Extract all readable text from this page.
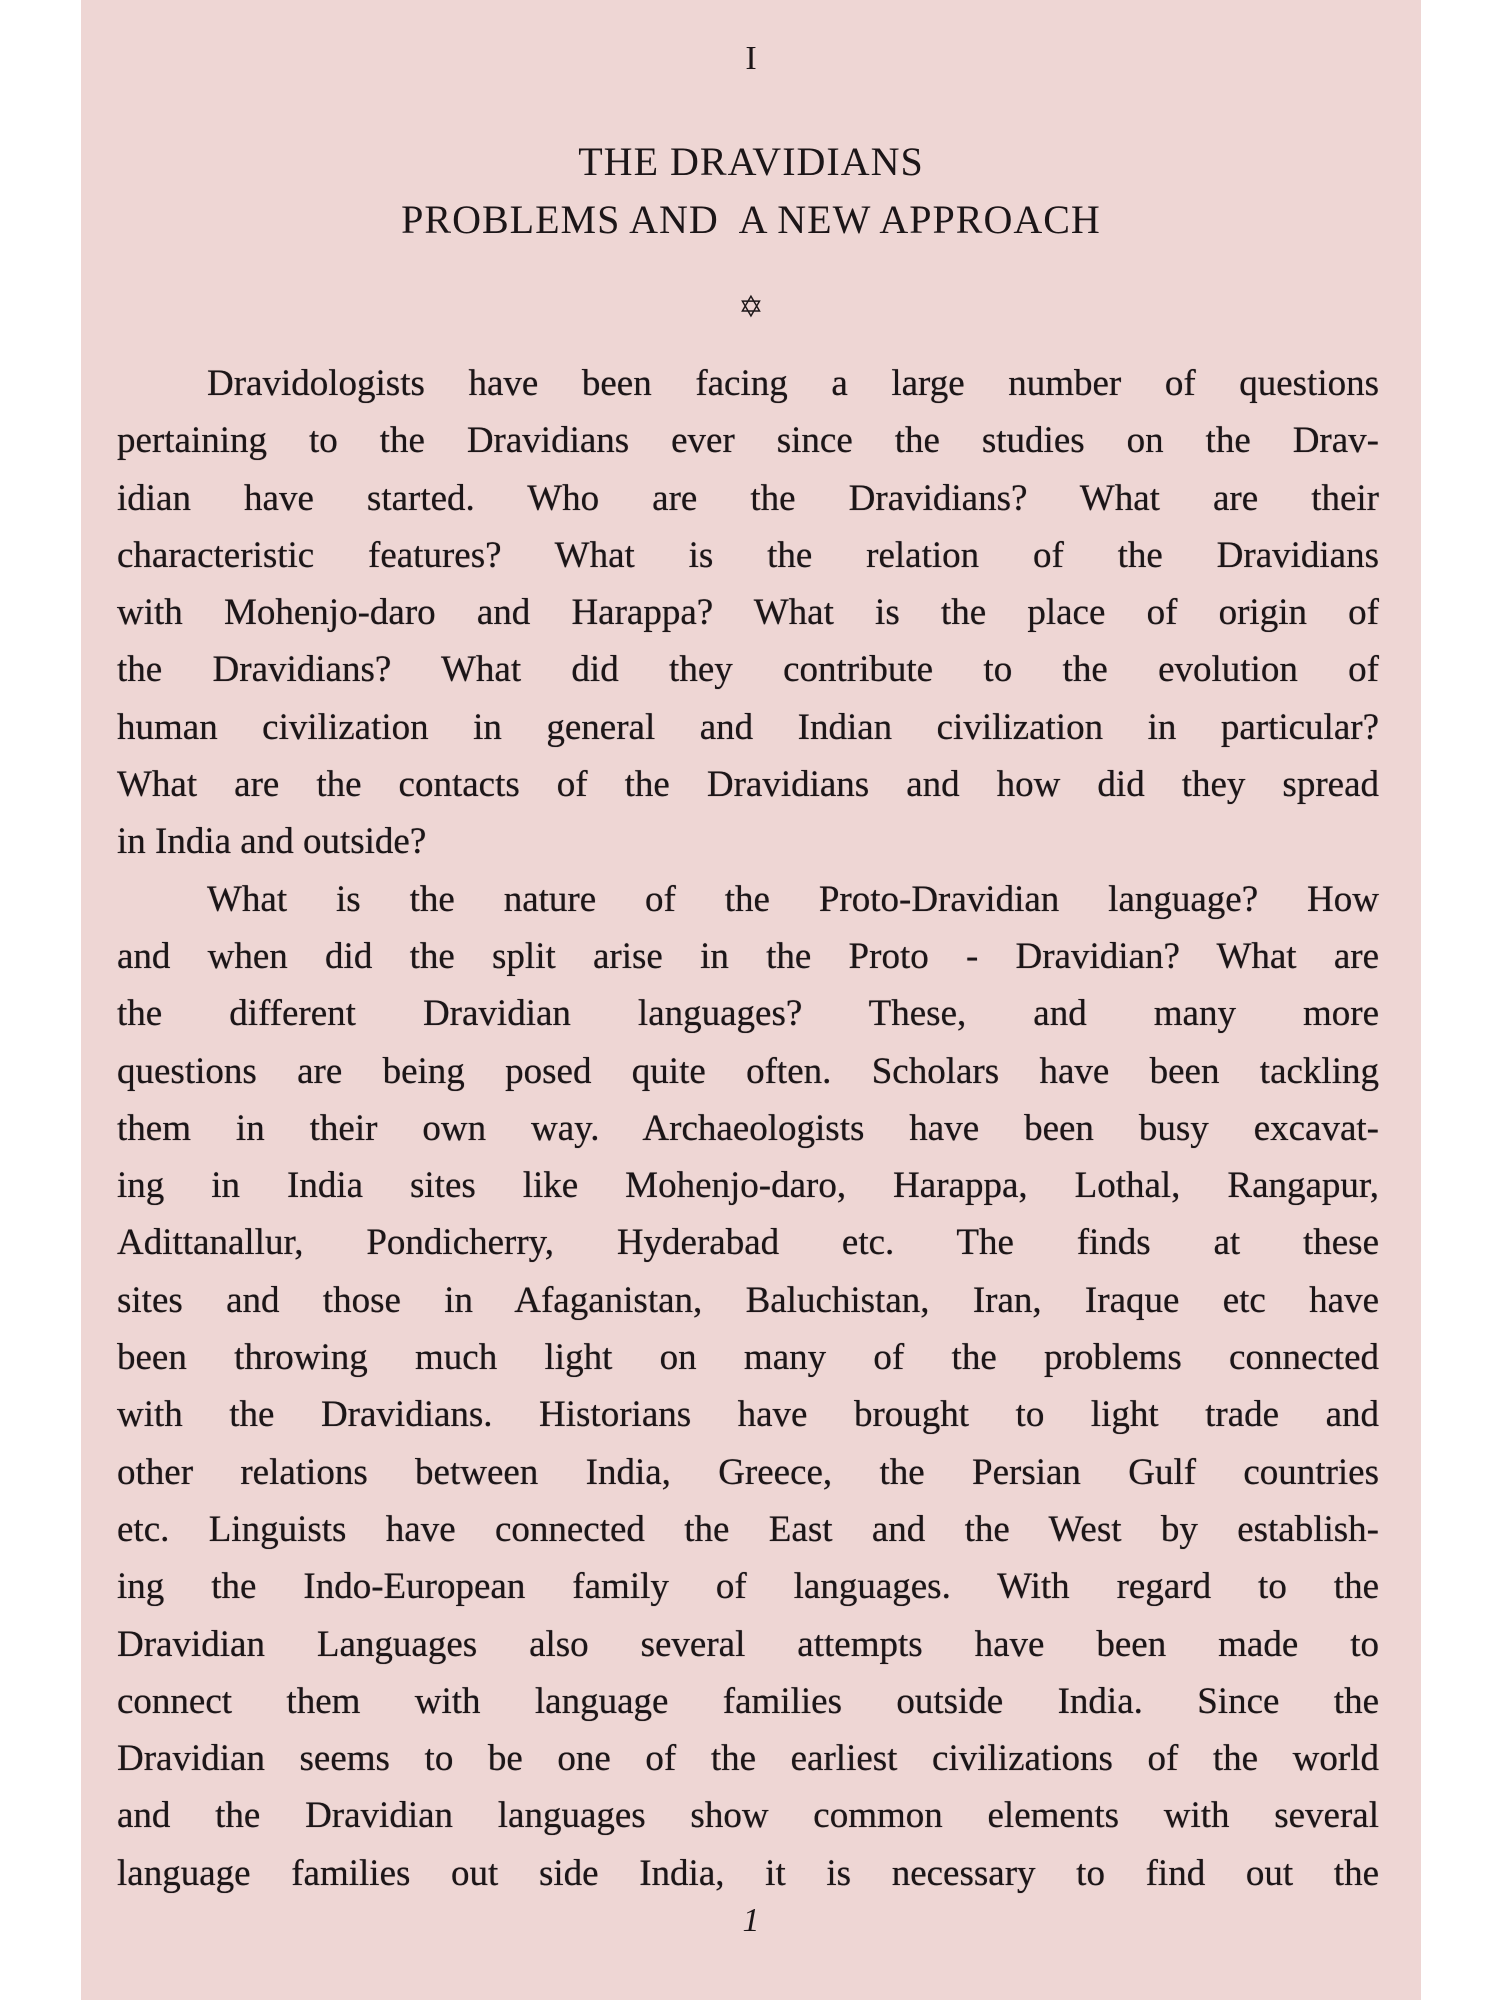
I
THE DRAVIDIANS
PROBLEMS AND  A NEW APPROACH
✡
Dravidologists have been facing a large number of questions
pertaining to the Dravidians ever since the studies on the Drav-
idian have started. Who are the Dravidians? What are their
characteristic features? What is the relation of the Dravidians
with Mohenjo-daro and Harappa? What is the place of origin of
the Dravidians? What did they contribute to the evolution of
human civilization in general and Indian civilization in particular?
What are the contacts of the Dravidians and how did they spread
in India and outside?
What is the nature of the Proto-Dravidian language? How
and when did the split arise in the Proto - Dravidian? What are
the different Dravidian languages? These, and many more
questions are being posed quite often. Scholars have been tackling
them in their own way. Archaeologists have been busy excavat-
ing in India sites like Mohenjo-daro, Harappa, Lothal, Rangapur,
Adittanallur, Pondicherry, Hyderabad etc. The finds at these
sites and those in Afaganistan, Baluchistan, Iran, Iraque etc have
been throwing much light on many of the problems connected
with the Dravidians. Historians have brought to light trade and
other relations between India, Greece, the Persian Gulf countries
etc. Linguists have connected the East and the West by establish-
ing the Indo-European family of languages. With regard to the
Dravidian Languages also several attempts have been made to
connect them with language families outside India. Since the
Dravidian seems to be one of the earliest civilizations of the world
and the Dravidian languages show common elements with several
language families out side India, it is necessary to find out the
1
